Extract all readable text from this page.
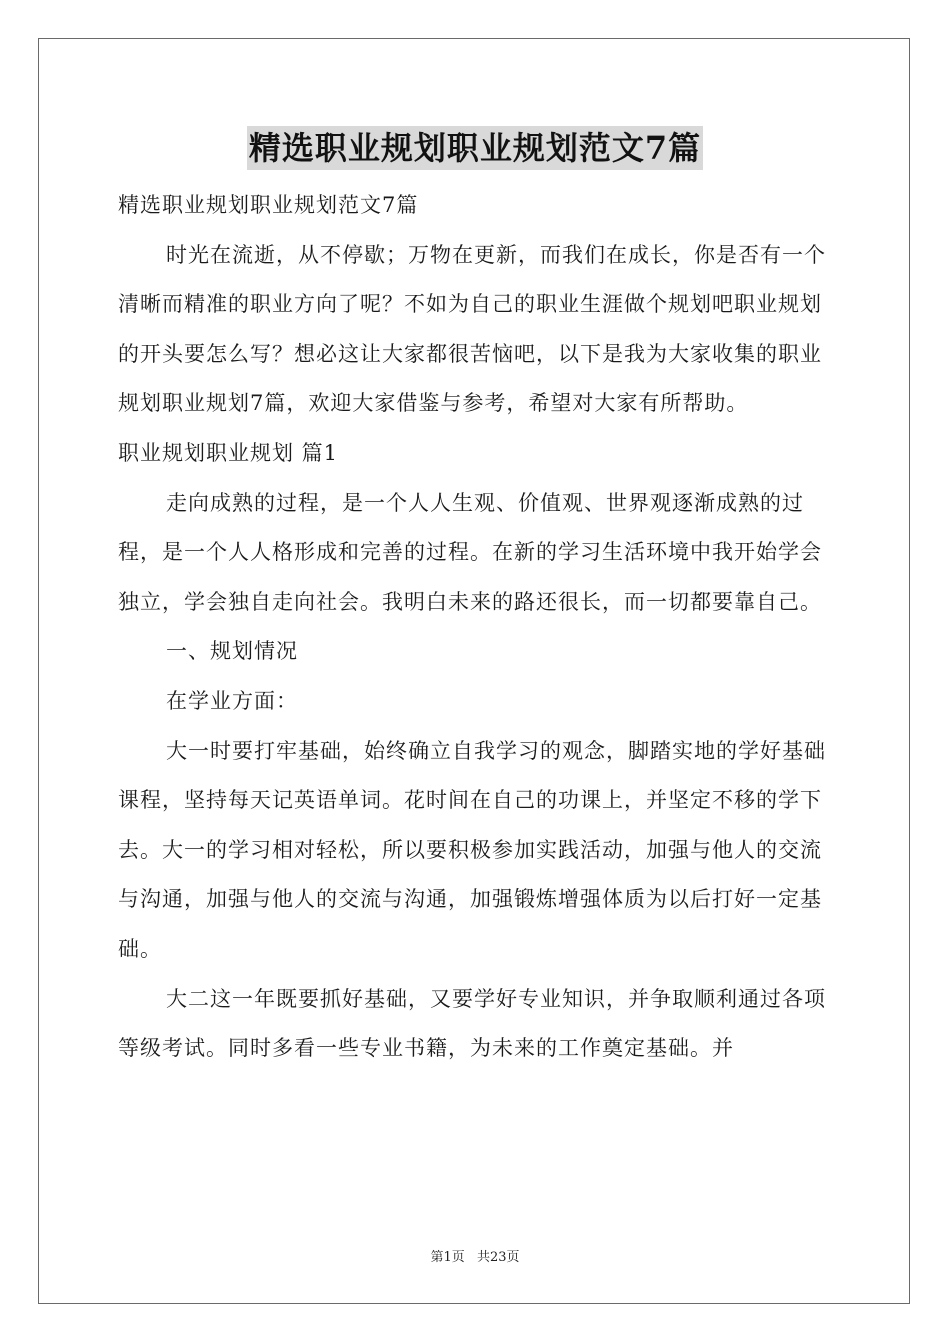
精选职业规划职业规划范文7篇

精选职业规划职业规划范文7篇

时光在流逝，从不停歇；万物在更新，而我们在成长，你是否有一个清晰而精准的职业方向了呢？不如为自己的职业生涯做个规划吧职业规划的开头要怎么写？想必这让大家都很苦恼吧，以下是我为大家收集的职业规划职业规划7篇，欢迎大家借鉴与参考，希望对大家有所帮助。

职业规划职业规划 篇1

走向成熟的过程，是一个人人生观、价值观、世界观逐渐成熟的过程，是一个人人格形成和完善的过程。在新的学习生活环境中我开始学会独立，学会独自走向社会。我明白未来的路还很长，而一切都要靠自己。

一、规划情况

在学业方面：

大一时要打牢基础，始终确立自我学习的观念，脚踏实地的学好基础课程，坚持每天记英语单词。花时间在自己的功课上，并坚定不移的学下去。大一的学习相对轻松，所以要积极参加实践活动，加强与他人的交流与沟通，加强与他人的交流与沟通，加强锻炼增强体质为以后打好一定基础。

大二这一年既要抓好基础，又要学好专业知识，并争取顺利通过各项等级考试。同时多看一些专业书籍，为未来的工作奠定基础。并

第1页 共23页
